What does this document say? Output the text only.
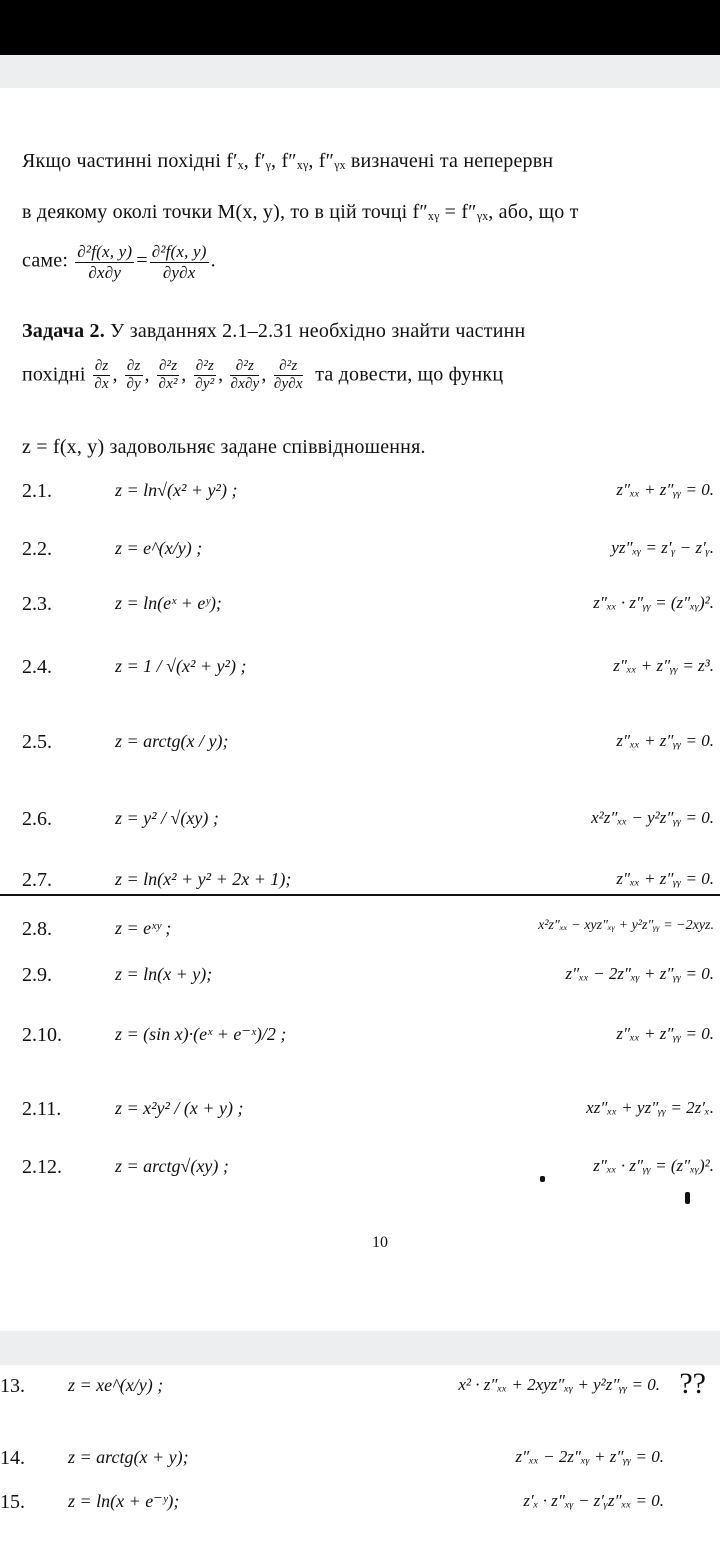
Якщо частинні похідні f′ₓ, f′ᵧ, f″ₓᵧ, f″ᵧₓ визначені та неперервн
в деякому околі точки M(x, y), то в цій точці f″ₓᵧ = f″ᵧₓ, або, що т
саме: $\frac{\text{∂²f(x, y)}}{\partial x\partial y} = \frac{\text{∂²f(x, y)}}{\partial y\partial x}$ .
Задача 2. У завданнях 2.1–2.31 необхідно знайти частинн
похідні $\frac{\partial z}{\partial x}$ , $\frac{\partial z}{\partial y}$ , $\frac{\text{∂²z}}{\text{∂x²}}$ , $\frac{\text{∂²z}}{\text{∂y²}}$ , $\frac{\text{∂²z}}{\partial x\partial y}$ , $\frac{\text{∂²z}}{\partial y\partial x}$ та довести, що функц
z = f(x, y) задовольняє задане співвідношення.
2.1.	z = ln√(x² + y²) ;	z″ₓₓ + z″ᵧᵧ = 0.
2.2.	z = e^(x/y) ;	yz″ₓᵧ = z′ᵧ − z′ᵧ.
2.3.	z = ln(eˣ + eʸ);	z″ₓₓ · z″ᵧᵧ = (z″ₓᵧ)².
2.4.	z = 1 / √(x² + y²) ;	z″ₓₓ + z″ᵧᵧ = z³.
2.5.	z = arctg(x / y);	z″ₓₓ + z″ᵧᵧ = 0.
2.6.	z = y² / √(xy) ;	x²z″ₓₓ − y²z″ᵧᵧ = 0.
2.7.	z = ln(x² + y² + 2x + 1);	z″ₓₓ + z″ᵧᵧ = 0.
2.8.	z = eˣʸ ;	x²z″ₓₓ − xyz″ₓᵧ + y²z″ᵧᵧ = −2xyz.
2.9.	z = ln(x + y);	z″ₓₓ − 2z″ₓᵧ + z″ᵧᵧ = 0.
2.10.	z = (sin x)·(eˣ + e⁻ˣ)/2 ;	z″ₓₓ + z″ᵧᵧ = 0.
2.11.	z = x²y² / (x + y) ;	xz″ₓₓ + yz″ᵧᵧ = 2z′ₓ.
2.12.	z = arctg√(xy) ;	z″ₓₓ · z″ᵧᵧ = (z″ₓᵧ)².
10
13. z = xe^(x/y) ;	x² · z″ₓₓ + 2xyz″ₓᵧ + y²z″ᵧᵧ = 0. ??
14. z = arctg(x + y);	z″ₓₓ − 2z″ₓᵧ + z″ᵧᵧ = 0.
15. z = ln(x + e⁻ʸ);	z′ₓ · z″ₓᵧ − z′ᵧz″ₓₓ = 0.
